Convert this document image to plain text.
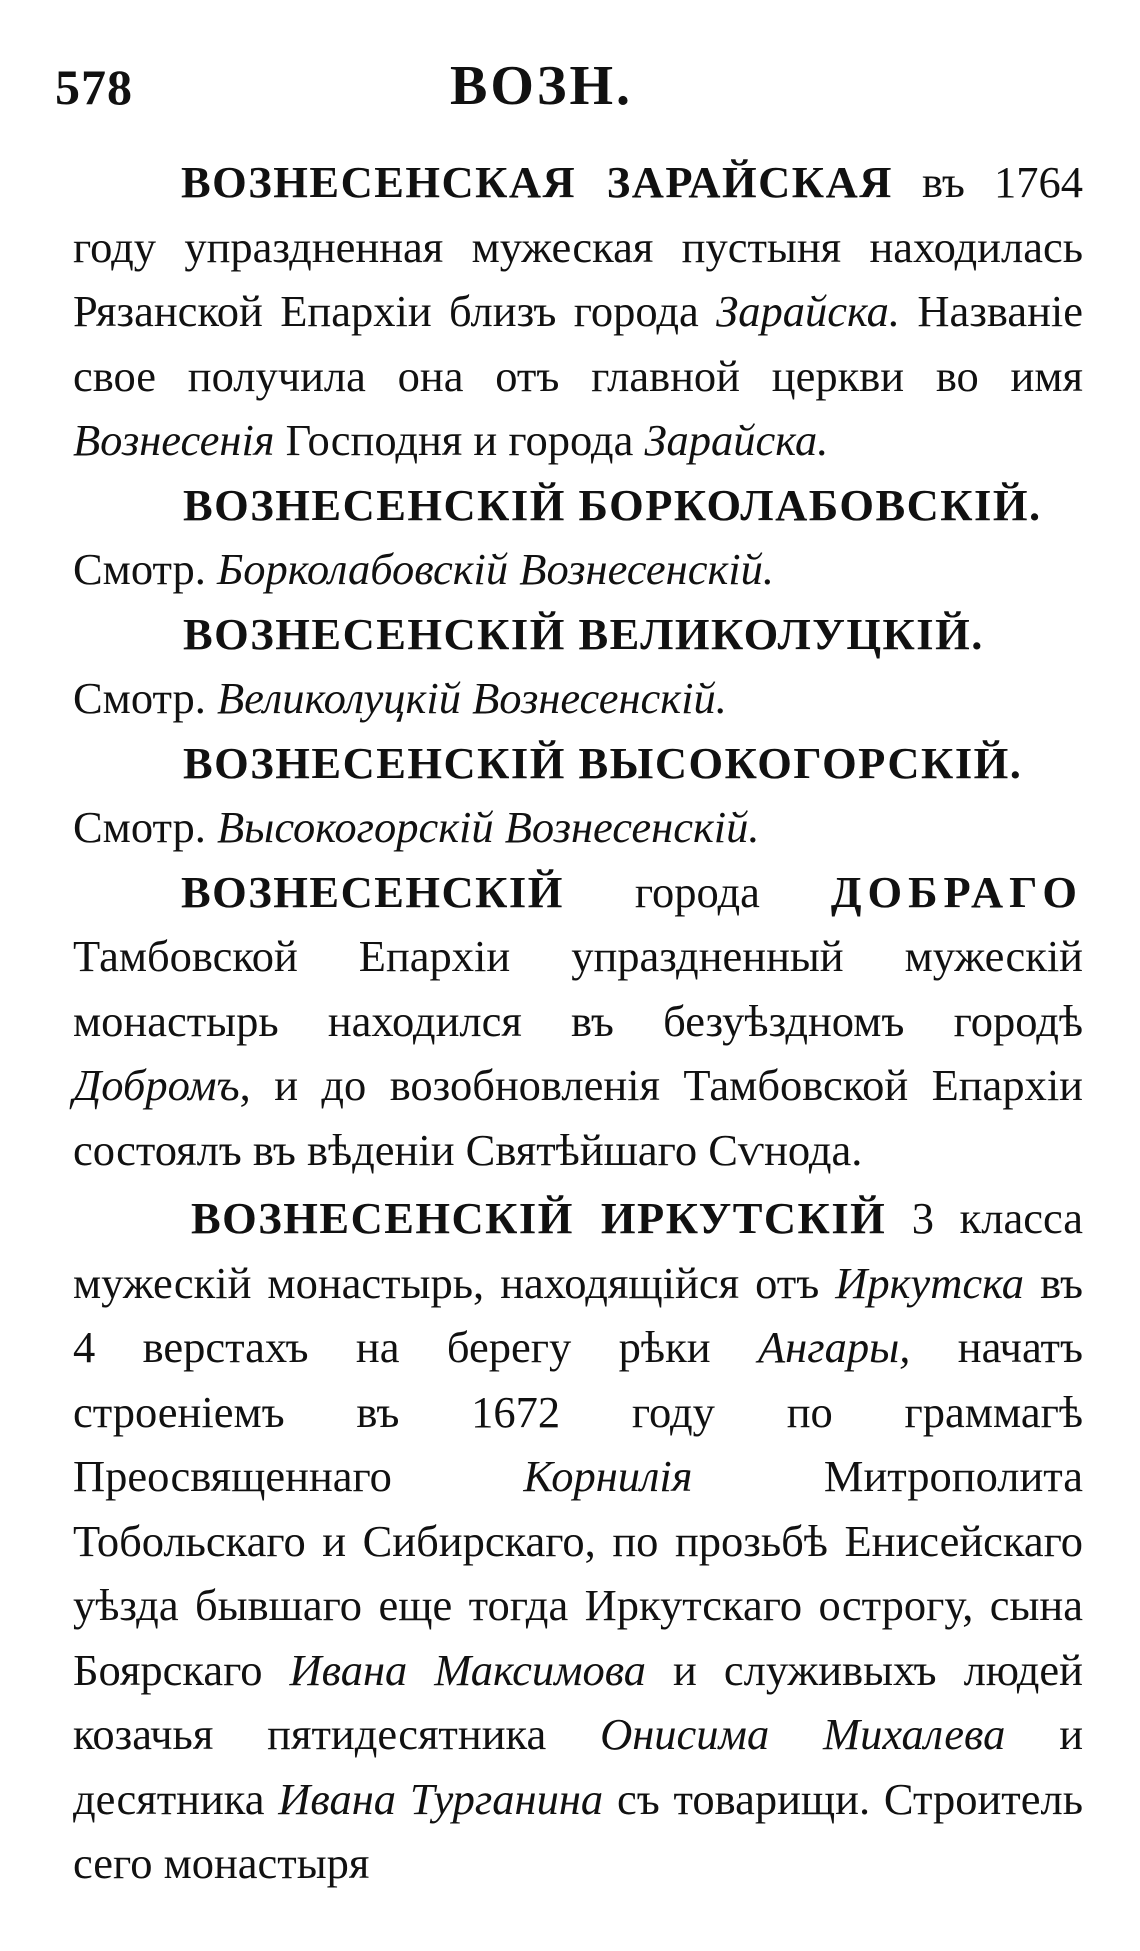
578	ВОЗН.

ВОЗНЕСЕНСКАЯ ЗАРАЙСКАЯ въ 1764 году упраздненная мужеская пустыня находилась Рязанской Епархіи близъ города Зарайска. Названіе свое получила она отъ главной церкви во имя Вознесенія Господня и города Зарайска.

ВОЗНЕСЕНСКІЙ БОРКОЛАБОВСКІЙ.
Смотр. Борколабовскій Вознесенскій.

ВОЗНЕСЕНСКІЙ ВЕЛИКОЛУЦКІЙ.
Смотр. Великолуцкій Вознесенскій.

ВОЗНЕСЕНСКІЙ ВЫСОКОГОРСКІЙ.
Смотр. Высокогорскій Вознесенскій.

ВОЗНЕСЕНСКІЙ города ДОБРАГО Тамбовской Епархіи упраздненный мужескій монастырь находился въ безуѣздномъ городѣ Добромъ, и до возобновленія Тамбовской Епархіи состоялъ въ вѣденіи Святѣйшаго Сѵнода.

ВОЗНЕСЕНСКІЙ ИРКУТСКІЙ 3 класса мужескій монастырь, находящійся отъ Иркутска въ 4 верстахъ на берегу рѣки Ангары, начатъ строеніемъ въ 1672 году по граммагѣ Преосвященнаго Корнилія Митрополита Тобольскаго и Сибирскаго, по прозьбѣ Енисейскаго уѣзда бывшаго еще тогда Иркутскаго острогу, сына Боярскаго Ивана Максимова и служивыхъ людей козачья пятидесятника Онисима Михалева и десятника Ивана Турганина съ товарищи. Строитель сего монастыря
